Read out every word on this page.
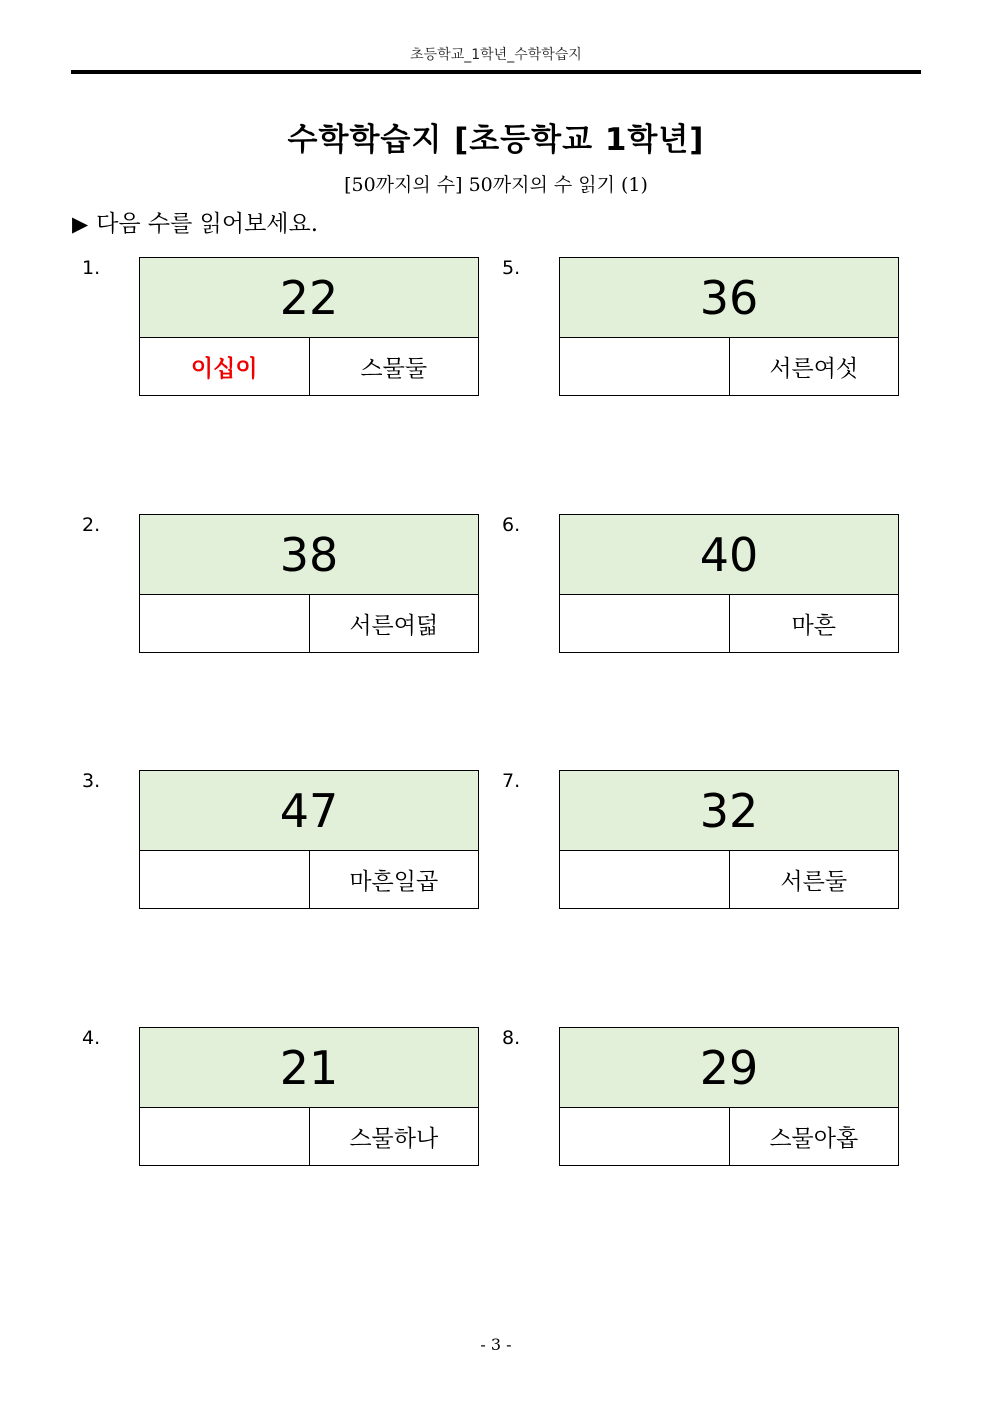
초등학교_1학년_수학학습지
수학학습지 [초등학교 1학년]
[50까지의 수] 50까지의 수 읽기 (1)
▶ 다음 수를 읽어보세요.
1.
22
이십이	스물둘
2.
38
	서른여덟
3.
47
	마흔일곱
4.
21
	스물하나
5.
36
	서른여섯
6.
40
	마흔
7.
32
	서른둘
8.
29
	스물아홉
- 3 -
